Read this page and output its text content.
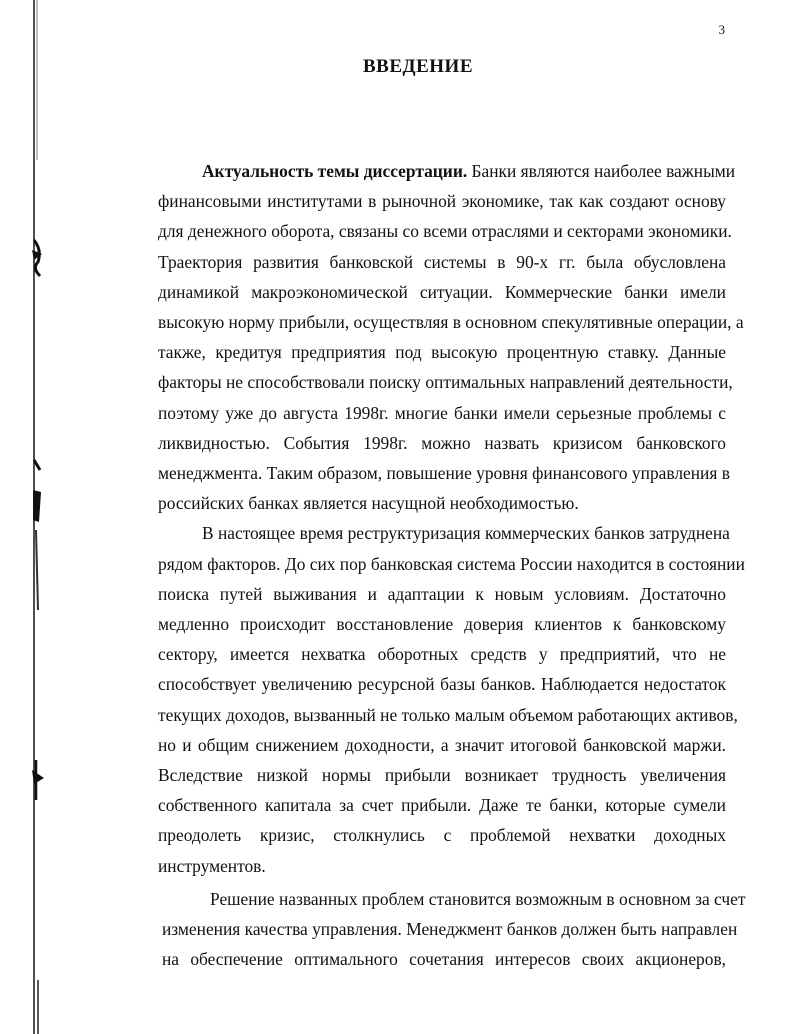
3
ВВЕДЕНИЕ
Актуальность темы диссертации. Банки являются наиболее важными
финансовыми институтами в рыночной экономике, так как создают основу
для денежного оборота, связаны со всеми отраслями и секторами экономики.
Траектория развития банковской системы в 90-х гг. была обусловлена
динамикой макроэкономической ситуации. Коммерческие банки имели
высокую норму прибыли, осуществляя в основном спекулятивные операции, а
также, кредитуя предприятия под высокую процентную ставку. Данные
факторы не способствовали поиску оптимальных направлений деятельности,
поэтому уже до августа 1998г. многие банки имели серьезные проблемы с
ликвидностью. События 1998г. можно назвать кризисом банковского
менеджмента. Таким образом, повышение уровня финансового управления в
российских банках является насущной необходимостью.
В настоящее время реструктуризация коммерческих банков затруднена
рядом факторов. До сих пор банковская система России находится в состоянии
поиска путей выживания и адаптации к новым условиям. Достаточно
медленно происходит восстановление доверия клиентов к банковскому
сектору, имеется нехватка оборотных средств у предприятий, что не
способствует увеличению ресурсной базы банков. Наблюдается недостаток
текущих доходов, вызванный не только малым объемом работающих активов,
но и общим снижением доходности, а значит итоговой банковской маржи.
Вследствие низкой нормы прибыли возникает трудность увеличения
собственного капитала за счет прибыли. Даже те банки, которые сумели
преодолеть кризис, столкнулись с проблемой нехватки доходных
инструментов.
Решение названных проблем становится возможным в основном за счет
изменения качества управления. Менеджмент банков должен быть направлен
на обеспечение оптимального сочетания интересов своих акционеров,
